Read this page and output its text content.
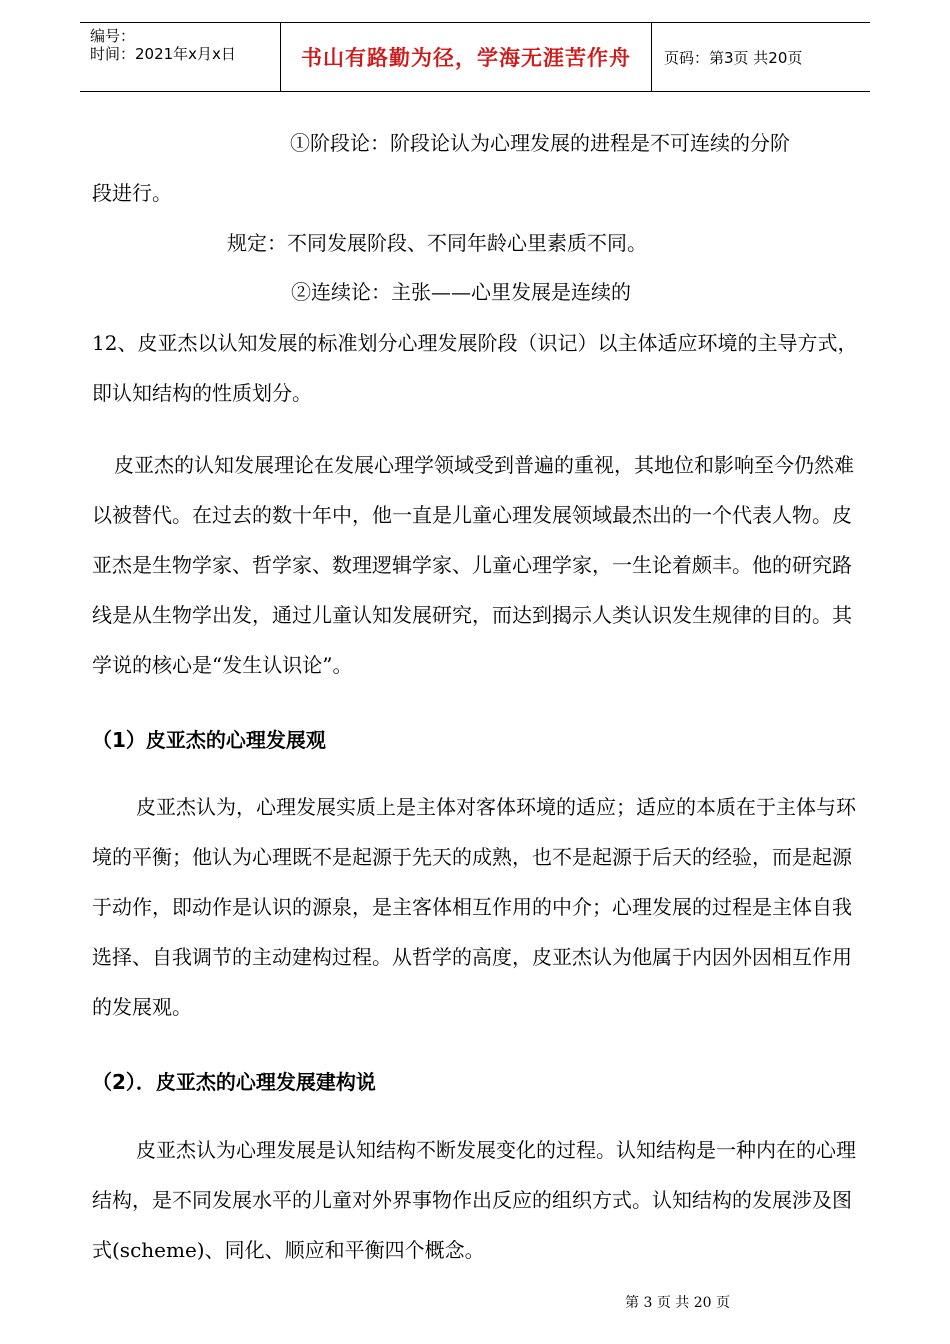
编号：
时间：2021年x月x日	书山有路勤为径，学海无涯苦作舟	页码：第3页 共20页

①阶段论：阶段论认为心理发展的进程是不可连续的分阶
段进行。

规定：不同发展阶段、不同年龄心里素质不同。

②连续论：主张——心里发展是连续的

12、皮亚杰以认知发展的标准划分心理发展阶段（识记）以主体适应环境的主导方式，即认知结构的性质划分。

皮亚杰的认知发展理论在发展心理学领域受到普遍的重视，其地位和影响至今仍然难以被替代。在过去的数十年中，他一直是儿童心理发展领域最杰出的一个代表人物。皮亚杰是生物学家、哲学家、数理逻辑学家、儿童心理学家，一生论着颇丰。他的研究路线是从生物学出发，通过儿童认知发展研究，而达到揭示人类认识发生规律的目的。其学说的核心是“发生认识论”。

（1）皮亚杰的心理发展观

皮亚杰认为，心理发展实质上是主体对客体环境的适应；适应的本质在于主体与环境的平衡；他认为心理既不是起源于先天的成熟，也不是起源于后天的经验，而是起源于动作，即动作是认识的源泉，是主客体相互作用的中介；心理发展的过程是主体自我选择、自我调节的主动建构过程。从哲学的高度，皮亚杰认为他属于内因外因相互作用的发展观。

（2）．皮亚杰的心理发展建构说

皮亚杰认为心理发展是认知结构不断发展变化的过程。认知结构是一种内在的心理结构，是不同发展水平的儿童对外界事物作出反应的组织方式。认知结构的发展涉及图式(scheme)、同化、顺应和平衡四个概念。

第 3 页 共 20 页
